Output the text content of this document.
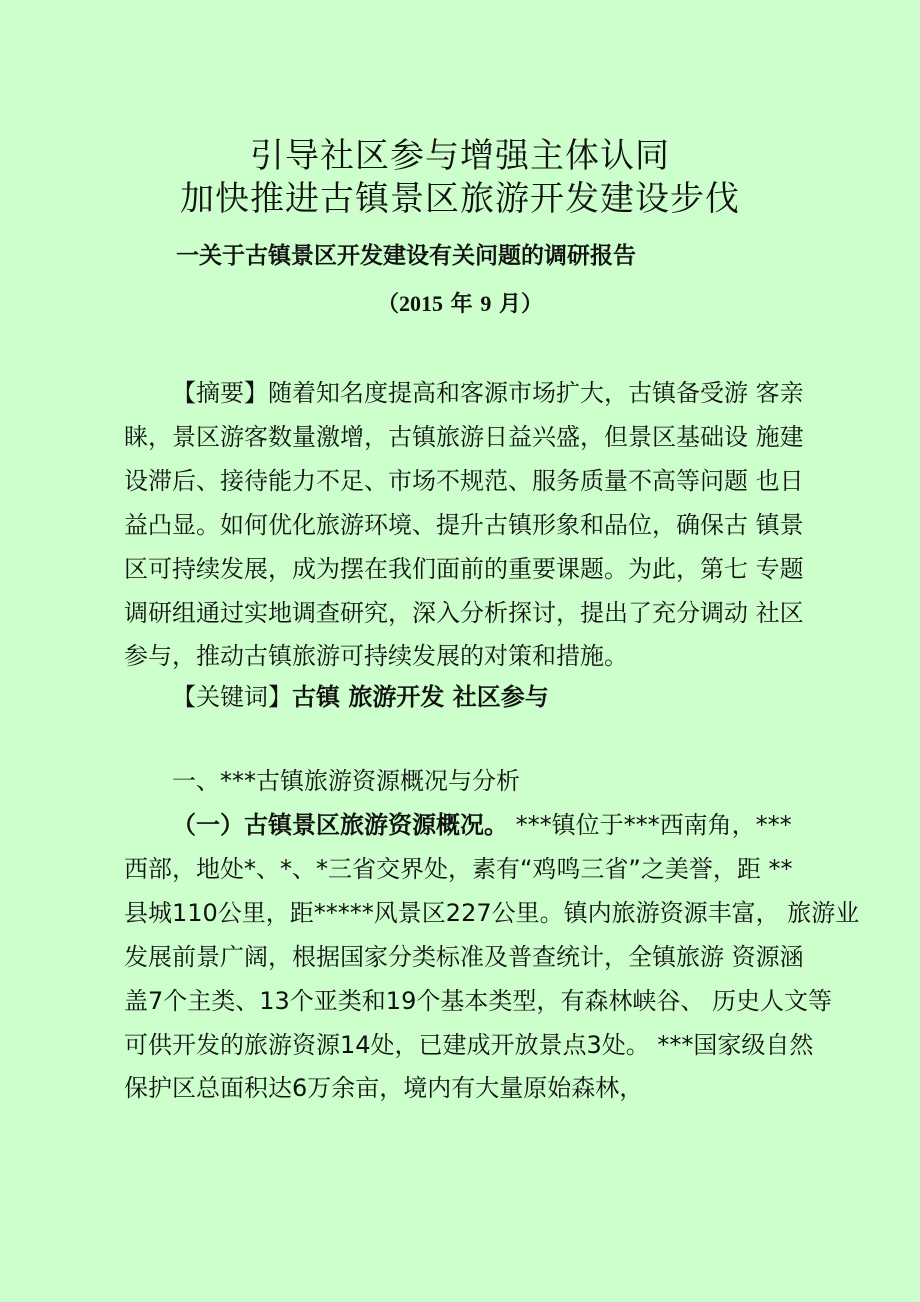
引导社区参与增强主体认同
加快推进古镇景区旅游开发建设步伐
一关于古镇景区开发建设有关问题的调研报告
（2015 年 9 月）
【摘要】随着知名度提高和客源市场扩大，古镇备受游 客亲
睐，景区游客数量激增，古镇旅游日益兴盛，但景区基础设 施建
设滞后、接待能力不足、市场不规范、服务质量不高等问题 也日
益凸显。如何优化旅游环境、提升古镇形象和品位，确保古 镇景
区可持续发展，成为摆在我们面前的重要课题。为此，第七 专题
调研组通过实地调查研究，深入分析探讨，提出了充分调动 社区
参与，推动古镇旅游可持续发展的对策和措施。
【关键词】古镇 旅游开发 社区参与
一、***古镇旅游资源概况与分析
（一）古镇景区旅游资源概况。 ***镇位于***西南角，***
西部，地处*、*、*三省交界处，素有“鸡鸣三省”之美誉，距 **
县城110公里，距*****风景区227公里。镇内旅游资源丰富， 旅游业
发展前景广阔，根据国家分类标准及普查统计，全镇旅游 资源涵
盖7个主类、13个亚类和19个基本类型，有森林峡谷、 历史人文等
可供开发的旅游资源14处，已建成开放景点3处。 ***国家级自然
保护区总面积达6万余亩，境内有大量原始森林，
